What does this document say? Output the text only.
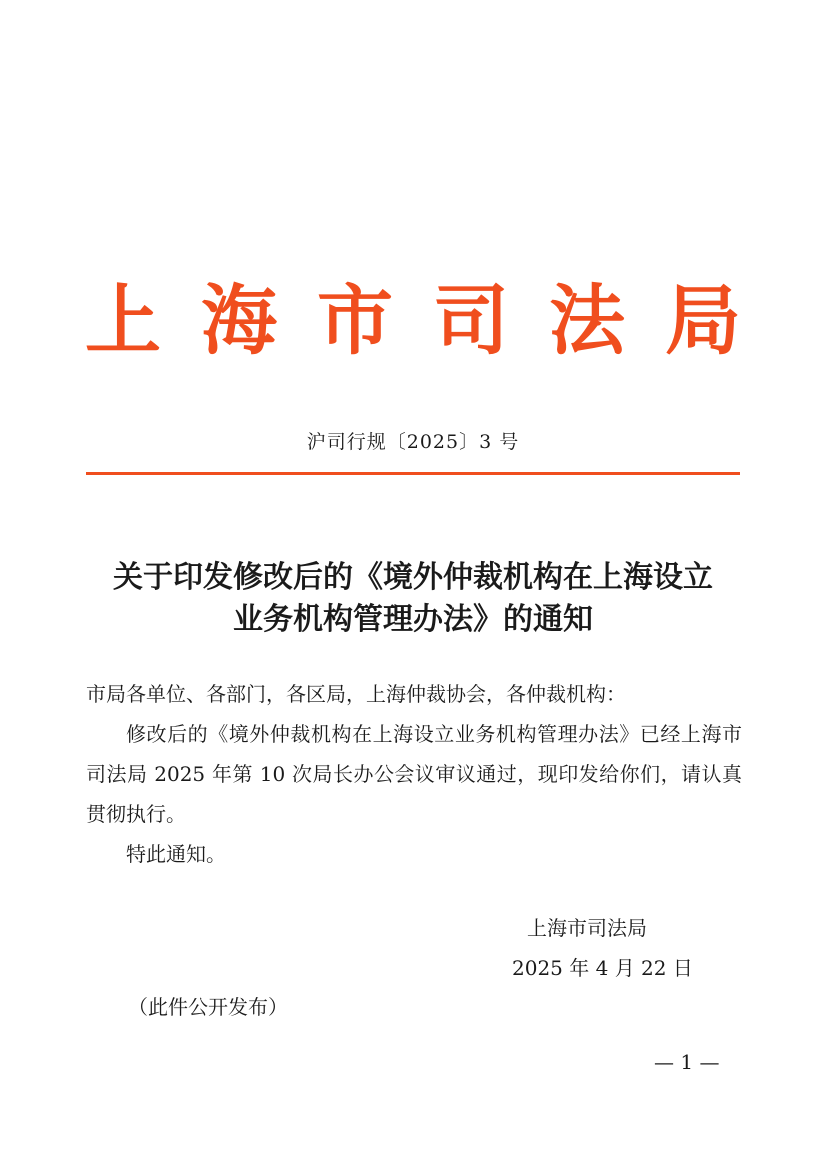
上海市司法局
沪司行规〔2025〕3 号
关于印发修改后的《境外仲裁机构在上海设立
业务机构管理办法》的通知

市局各单位、各部门，各区局，上海仲裁协会，各仲裁机构：

修改后的《境外仲裁机构在上海设立业务机构管理办法》已经上海市司法局 2025 年第 10 次局长办公会议审议通过，现印发给你们，请认真贯彻执行。

特此通知。

上海市司法局
2025 年 4 月 22 日
（此件公开发布）
— 1 —
